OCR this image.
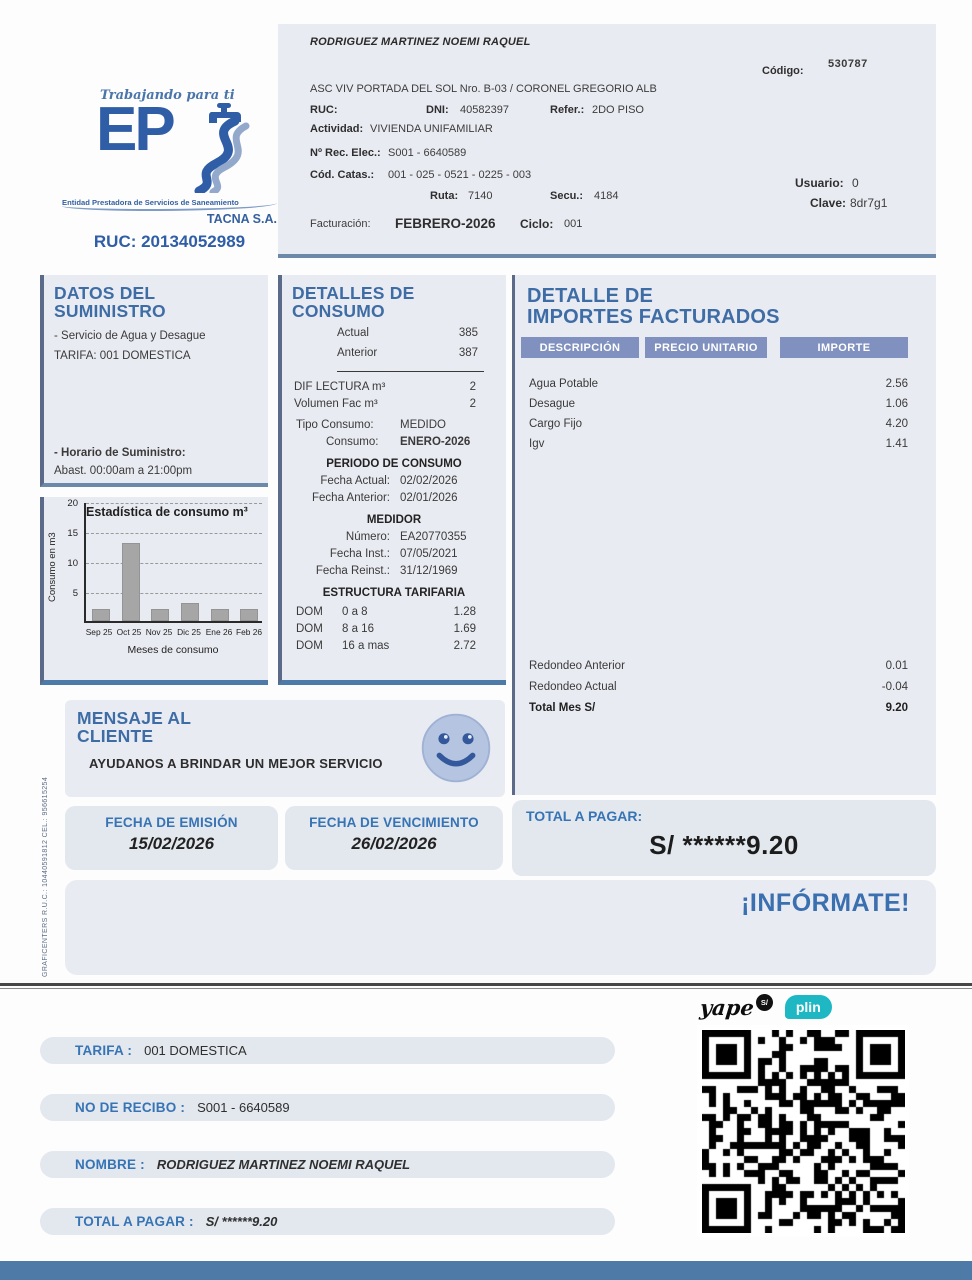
Trabajando para ti
EP
Entidad Prestadora de Servicios de Saneamiento
TACNA S.A.
RUC: 20134052989
RODRIGUEZ MARTINEZ NOEMI RAQUEL
Código:
530787
ASC VIV PORTADA DEL SOL Nro. B-03 / CORONEL GREGORIO ALB
RUC:	DNI: 40582397	Refer.: 2DO PISO
Actividad: VIVIENDA UNIFAMILIAR
Nº Rec. Elec.: S001 - 6640589
Cód. Catas.: 001 - 025 - 0521 - 0225 - 003
Ruta: 7140	Secu.: 4184
Usuario: 0
Clave: 8dr7g1
Facturación: FEBRERO-2026 Ciclo: 001
DATOS DEL
SUMINISTRO
- Servicio de Agua y Desague
TARIFA: 001 DOMESTICA
- Horario de Suministro:
Abast. 00:00am a 21:00pm
Consumo en m3
Estadística de consumo m³
Sep 25 Oct 25 Nov 25 Dic 25 Ene 26 Feb 26
Meses de consumo
5
10
15
20
DETALLES DE
CONSUMO
Actual	385
Anterior	387
DIF LECTURA m³	2
Volumen Fac m³	2
Tipo Consumo: MEDIDO
Consumo: ENERO-2026
PERIODO DE CONSUMO
Fecha Actual: 02/02/2026
Fecha Anterior: 02/01/2026
MEDIDOR
Número: EA20770355
Fecha Inst.: 07/05/2021
Fecha Reinst.: 31/12/1969
ESTRUCTURA TARIFARIA
DOM	0 a 8	1.28
DOM	8 a 16	1.69
DOM	16 a mas	2.72
DETALLE DE
IMPORTES FACTURADOS
DESCRIPCIÓN	PRECIO UNITARIO	IMPORTE
Agua Potable	2.56
Desague	1.06
Cargo Fijo	4.20
Igv	1.41
Redondeo Anterior	0.01
Redondeo Actual	-0.04
Total Mes S/	9.20
MENSAJE AL
CLIENTE
AYUDANOS A BRINDAR UN MEJOR SERVICIO
FECHA DE EMISIÓN
15/02/2026
FECHA DE VENCIMIENTO
26/02/2026
TOTAL A PAGAR:
S/ ******9.20
¡INFÓRMATE!
GRAFICENTERS R.U.C.: 10440591812 CEL.: 956615254
yape S/	plin
TARIFA : 001 DOMESTICA
NO DE RECIBO : S001 - 6640589
NOMBRE : RODRIGUEZ MARTINEZ NOEMI RAQUEL
TOTAL A PAGAR : S/ ******9.20
